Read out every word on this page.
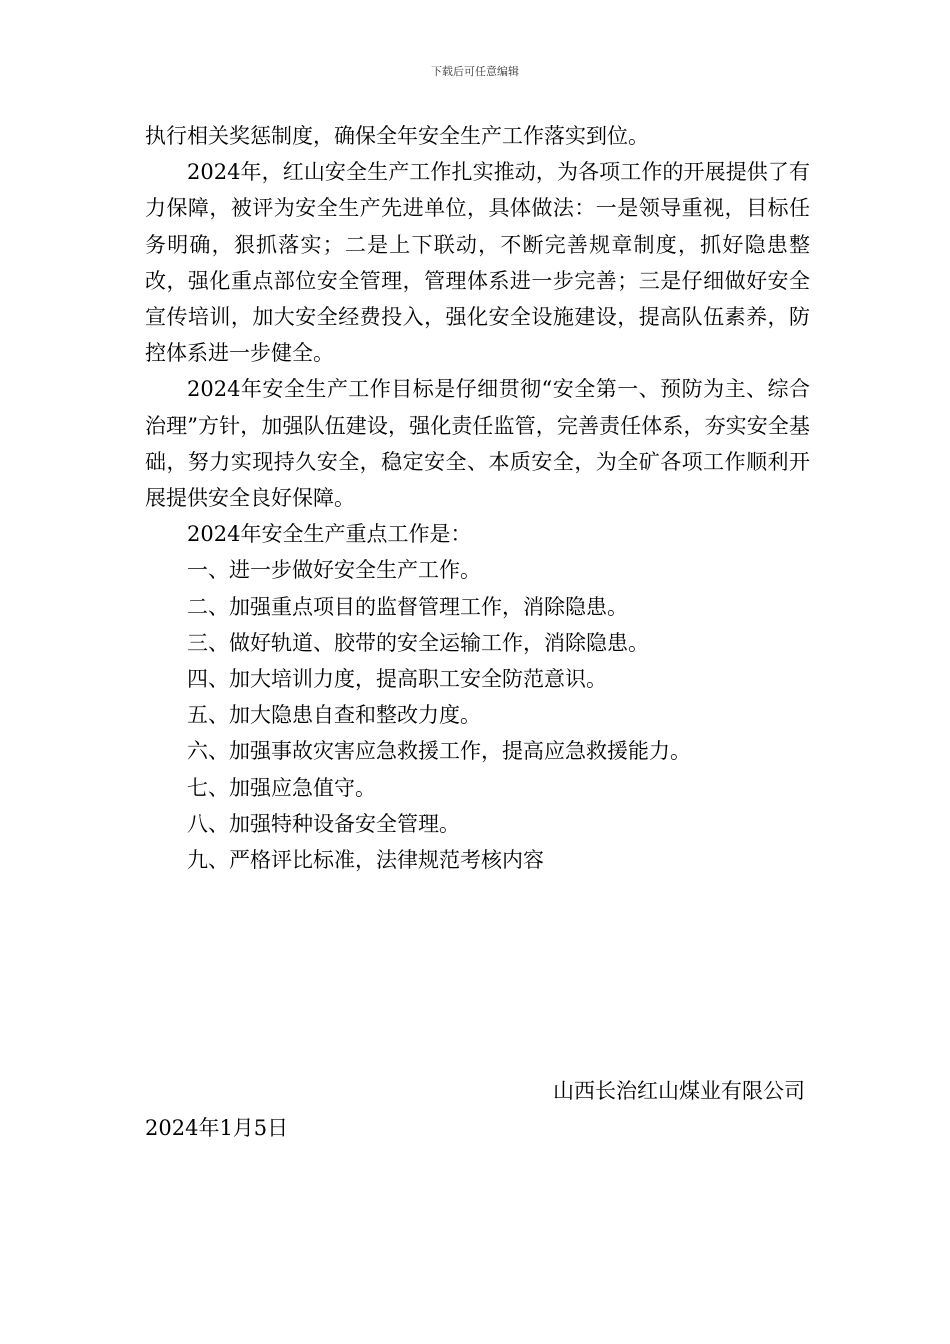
下载后可任意编辑

执行相关奖惩制度，确保全年安全生产工作落实到位。

2024年，红山安全生产工作扎实推动，为各项工作的开展提供了有力保障，被评为安全生产先进单位，具体做法：一是领导重视，目标任务明确，狠抓落实；二是上下联动，不断完善规章制度，抓好隐患整改，强化重点部位安全管理，管理体系进一步完善；三是仔细做好安全宣传培训，加大安全经费投入，强化安全设施建设，提高队伍素养，防控体系进一步健全。

2024年安全生产工作目标是仔细贯彻“安全第一、预防为主、综合治理”方针，加强队伍建设，强化责任监管，完善责任体系，夯实安全基础，努力实现持久安全，稳定安全、本质安全，为全矿各项工作顺利开展提供安全良好保障。

2024年安全生产重点工作是：

一、进一步做好安全生产工作。

二、加强重点项目的监督管理工作，消除隐患。

三、做好轨道、胶带的安全运输工作，消除隐患。

四、加大培训力度，提高职工安全防范意识。

五、加大隐患自查和整改力度。

六、加强事故灾害应急救援工作，提高应急救援能力。

七、加强应急值守。

八、加强特种设备安全管理。

九、严格评比标准，法律规范考核内容

山西长治红山煤业有限公司
2024年1月5日
